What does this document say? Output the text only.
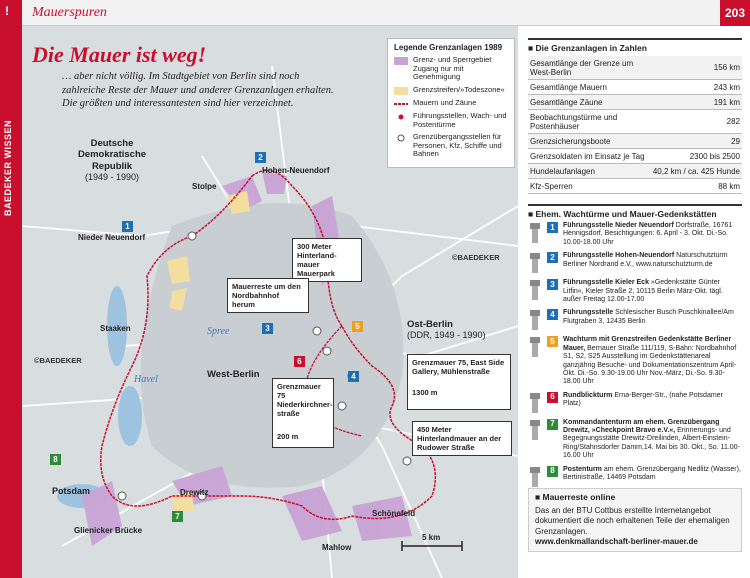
!
BAEDEKER WISSEN
Mauerspuren	203
300 Meter Hinterland-mauer Mauerpark
Mauerreste um den Nordbahnhof herum
Grenzmauer 75, East Side Gallery, Mühlenstraße
1300 m
Grenzmauer 75 Niederkirchner-straße
200 m
450 Meter Hinterlandmauer an der Rudower Straße
1
2
3
4
5
6
7
8
Hohen-Neuendorf
Stolpe
Nieder Neuendorf
Staaken
Potsdam
Glienicker Brücke
Drewitz
Mahlow
Schönefeld
Spree
Havel
©BAEDEKER
©BAEDEKER
Deutsche Demokratische Republik
(1949 - 1990)
West-Berlin
Ost-Berlin
(DDR, 1949 - 1990)
5 km
Die Mauer ist weg!
… aber nicht völlig. Im Stadtgebiet von Berlin sind noch zahlreiche Reste der Mauer und anderer Grenzanlagen erhalten. Die größten und interessantesten sind hier verzeichnet.
Legende Grenzanlagen 1989
Grenz- und Sperrgebiet Zugang nur mit Genehmigung
Grenzstreifen/»Todeszone«
Mauern und Zäune
Führungsstellen, Wach- und Postentürme
Grenzübergangsstellen für Personen, Kfz, Schiffe und Bahnen
■ Die Grenzanlagen in Zahlen
Gesamtlänge der Grenze um West-Berlin	156 km
Gesamtlänge Mauern	243 km
Gesamtlänge Zäune	191 km
Beobachtungstürme und Postenhäuser	282
Grenzsicherungsboote	29
Grenzsoldaten im Einsatz je Tag	2300 bis 2500
Hundelaufanlagen	40,2 km / ca. 425 Hunde
Kfz-Sperren	88 km
■ Ehem. Wachtürme und Mauer-Gedenkstätten
1	Führungsstelle Nieder Neuendorf Dorfstraße, 16761 Hennigsdorf, Besichtigungen: 6. April - 3. Okt. Di.-So. 10.00-18.00 Uhr
2	Führungsstelle Hohen-Neuendorf Naturschutzturm Berliner Nordrand e.V., www.naturschutzturm.de
3	Führungsstelle Kieler Eck »Gedenkstätte Günter Litfin«, Kieler Straße 2, 10115 Berlin März-Okt. tägl. außer Freitag 12.00-17.00
4	Führungsstelle Schlesischer Busch Puschkinallee/Am Flutgraben 3, 12435 Berlin
5	Wachturm mit Grenzstreifen Gedenkstätte Berliner Mauer, Bernauer Straße 111/119, S-Bahn: Nordbahnhof S1, S2, S25 Ausstellung im Gedenkstättenareal ganzjährig Besuche- und Dokumentationszentrum April-Okt. Di.-So. 9.30-19.00 Uhr Nov.-März, Di.-So. 9.30-18.00 Uhr
6	Rundblickturm Erna-Berger-Str., (nahe Potsdamer Platz)
7	Kommandantenturm am ehem. Grenzübergang Drewitz, »Checkpoint Bravo e.V.«, Erinnerungs- und Begegnungsstätte Drewitz-Dreilinden, Albert-Einstein-Ring/Stahnsdorfer Damm,14. Mai bis 30. Okt., So. 11.00-16.00 Uhr
8	Postenturm am ehem. Grenzübergang Nedlitz (Wasser), Bertinistraße, 14469 Potsdam
■ Mauerreste online
Das an der BTU Cottbus erstellte Internetangebot dokumentiert die noch erhaltenen Teile der ehemaligen Grenzanlagen.
www.denkmallandschaft-berliner-mauer.de
